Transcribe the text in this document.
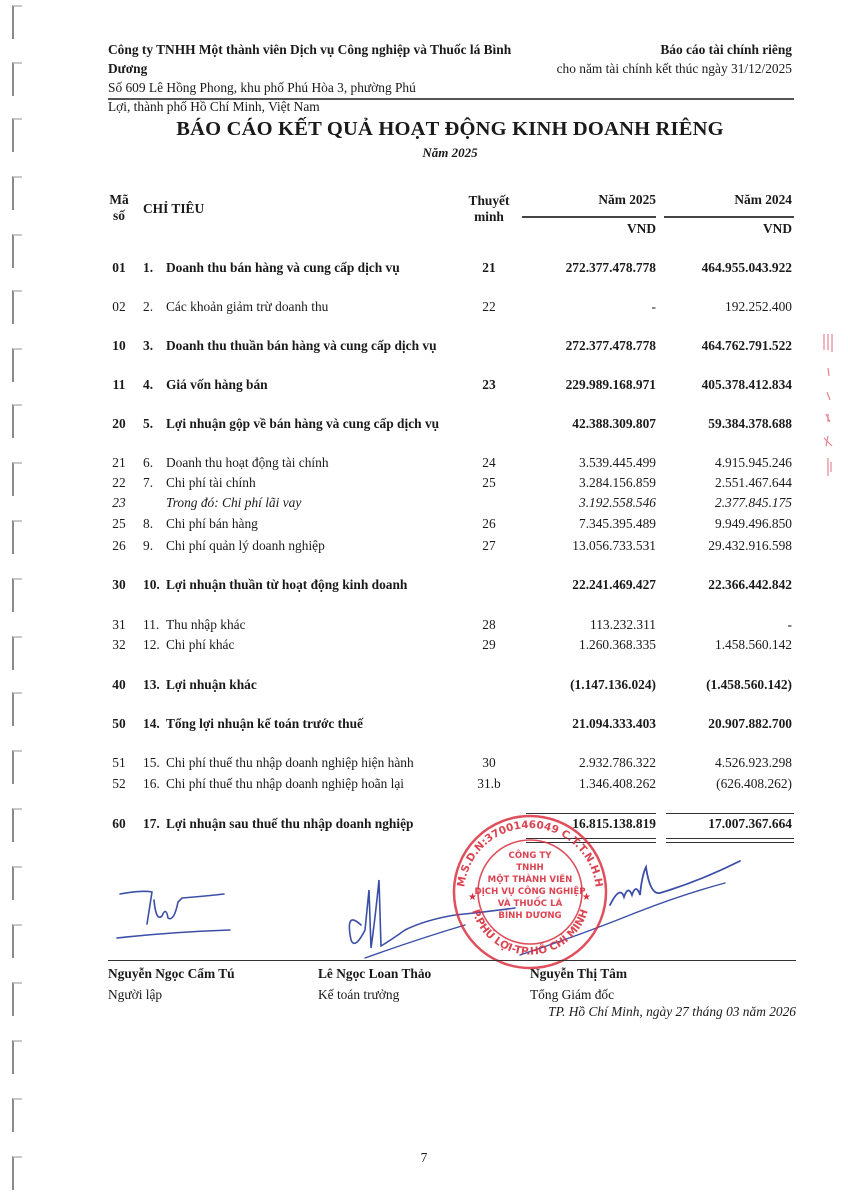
Công ty TNHH Một thành viên Dịch vụ Công nghiệp và Thuốc lá Bình Dương
Số 609 Lê Hồng Phong, khu phố Phú Hòa 3, phường Phú
Lợi, thành phố Hồ Chí Minh, Việt Nam
Báo cáo tài chính riêng
cho năm tài chính kết thúc ngày 31/12/2025
BÁO CÁO KẾT QUẢ HOẠT ĐỘNG KINH DOANH RIÊNG
Năm 2025
Mã
số	CHỈ TIÊU
Thuyết
minh
Năm 2025	Năm 2024
VND	VND
01	1. Doanh thu bán hàng và cung cấp dịch vụ	21	272.377.478.778	464.955.043.922
02	2. Các khoản giảm trừ doanh thu	22	-	192.252.400
10	3. Doanh thu thuần bán hàng và cung cấp dịch vụ	272.377.478.778	464.762.791.522
11	4. Giá vốn hàng bán	23	229.989.168.971	405.378.412.834
20	5. Lợi nhuận gộp về bán hàng và cung cấp dịch vụ	42.388.309.807	59.384.378.688
21	6. Doanh thu hoạt động tài chính	24	3.539.445.499	4.915.945.246
22	7. Chi phí tài chính	25	3.284.156.859	2.551.467.644
23	Trong đó: Chi phí lãi vay	3.192.558.546	2.377.845.175
25	8. Chi phí bán hàng	26	7.345.395.489	9.949.496.850
26	9. Chi phí quản lý doanh nghiệp	27	13.056.733.531	29.432.916.598
30	10. Lợi nhuận thuần từ hoạt động kinh doanh	22.241.469.427	22.366.442.842
31	11. Thu nhập khác	28	113.232.311	-
32	12. Chi phí khác	29	1.260.368.335	1.458.560.142
40	13. Lợi nhuận khác	(1.147.136.024)	(1.458.560.142)
50	14. Tổng lợi nhuận kế toán trước thuế	21.094.333.403	20.907.882.700
51	15. Chi phí thuế thu nhập doanh nghiệp hiện hành	30	2.932.786.322	4.526.923.298
52	16. Chi phí thuế thu nhập doanh nghiệp hoãn lại	31.b	1.346.408.262	(626.408.262)
60	17. Lợi nhuận sau thuế thu nhập doanh nghiệp	16.815.138.819	17.007.367.664
M.S.D.N:3700146049 C.T.T.N.H.H
P.PHÚ LỢI-TP.HỒ CHÍ MINH
★	★
CÔNG TY
TNHH
MỘT THÀNH VIÊN
DỊCH VỤ CÔNG NGHIỆP
VÀ THUỐC LÁ
BÌNH DƯƠNG
Nguyễn Ngọc Cẩm Tú
Người lập
Lê Ngọc Loan Thảo
Kế toán trưởng
Nguyễn Thị Tâm
Tổng Giám đốc
TP. Hồ Chí Minh, ngày 27 tháng 03 năm 2026
7
